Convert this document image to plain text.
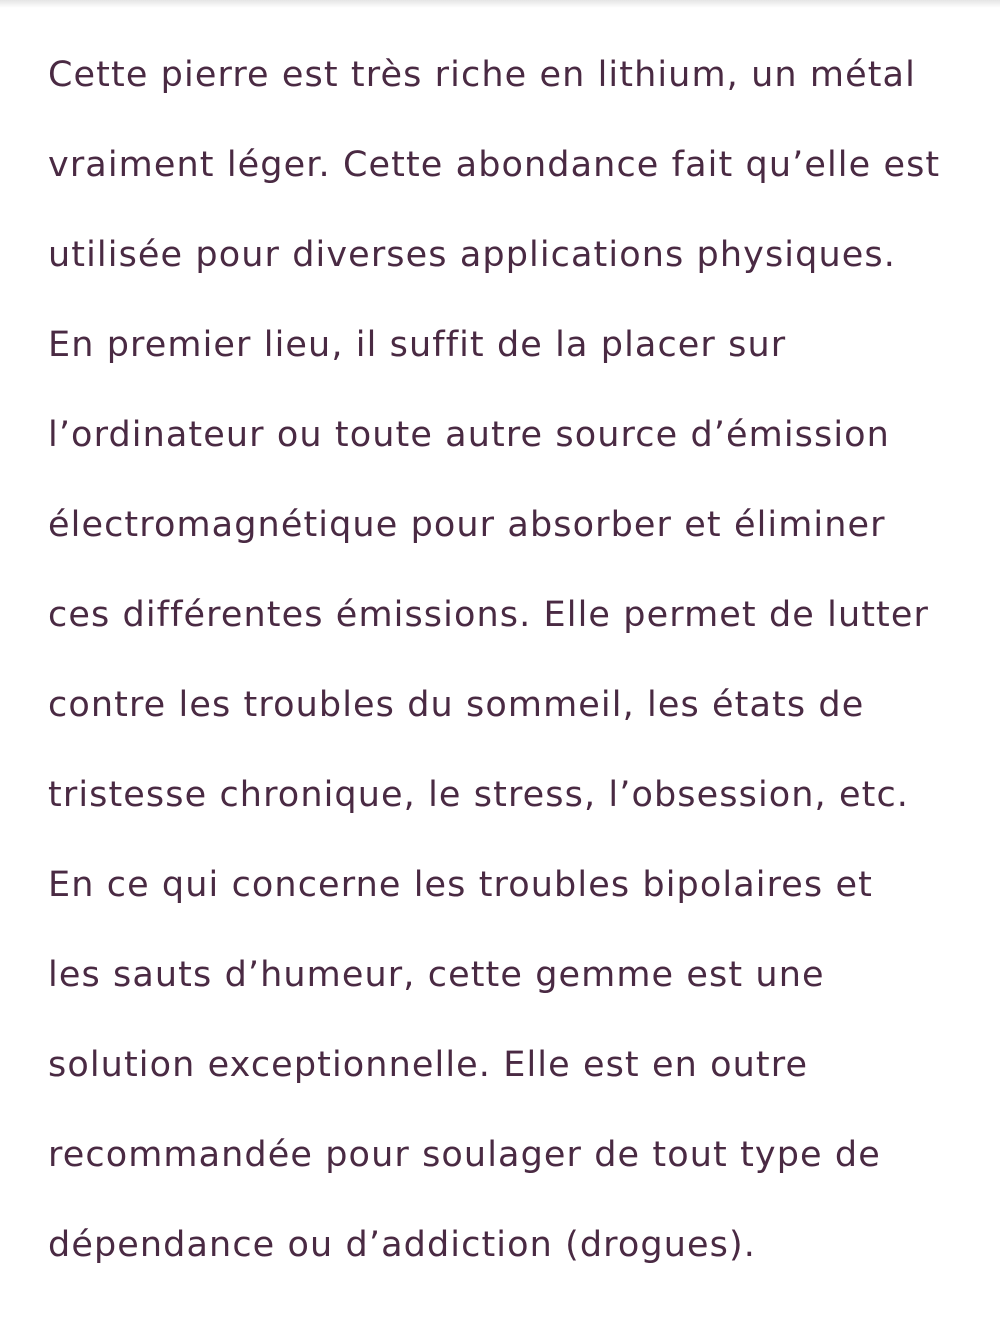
Cette pierre est très riche en lithium, un métal
vraiment léger. Cette abondance fait qu’elle est
utilisée pour diverses applications physiques.
En premier lieu, il suffit de la placer sur
l’ordinateur ou toute autre source d’émission
électromagnétique pour absorber et éliminer
ces différentes émissions. Elle permet de lutter
contre les troubles du sommeil, les états de
tristesse chronique, le stress, l’obsession, etc.
En ce qui concerne les troubles bipolaires et
les sauts d’humeur, cette gemme est une
solution exceptionnelle. Elle est en outre
recommandée pour soulager de tout type de
dépendance ou d’addiction (drogues).
